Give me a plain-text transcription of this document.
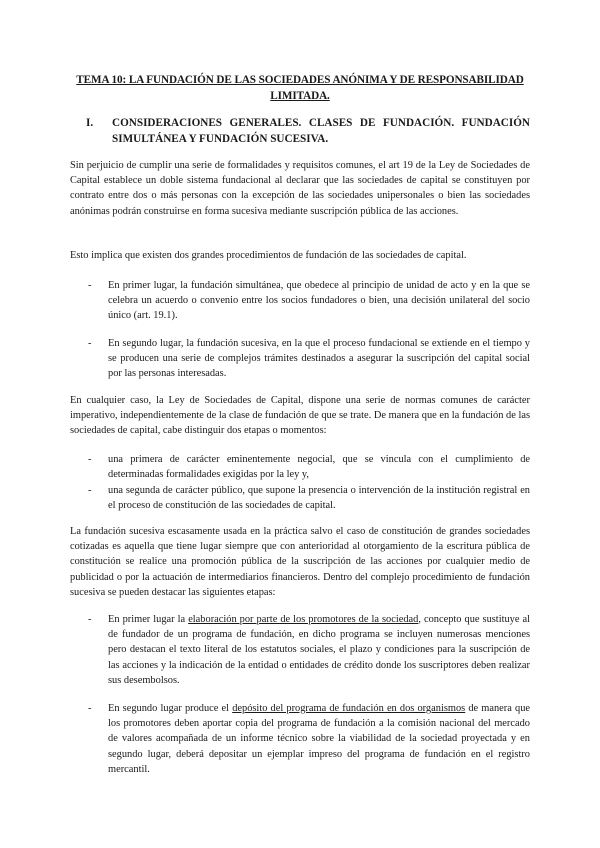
TEMA 10: LA FUNDACIÓN DE LAS SOCIEDADES ANÓNIMA Y DE RESPONSABILIDAD LIMITADA.
I. CONSIDERACIONES GENERALES. CLASES DE FUNDACIÓN. FUNDACIÓN SIMULTÁNEA Y FUNDACIÓN SUCESIVA.
Sin perjuicio de cumplir una serie de formalidades y requisitos comunes, el art 19 de la Ley de Sociedades de Capital establece un doble sistema fundacional al declarar que las sociedades de capital se constituyen por contrato entre dos o más personas con la excepción de las sociedades unipersonales o bien las sociedades anónimas podrán construirse en forma sucesiva mediante suscripción pública de las acciones.
Esto implica que existen dos grandes procedimientos de fundación de las sociedades de capital.
- En primer lugar, la fundación simultánea, que obedece al principio de unidad de acto y en la que se celebra un acuerdo o convenio entre los socios fundadores o bien, una decisión unilateral del socio único (art. 19.1).
- En segundo lugar, la fundación sucesiva, en la que el proceso fundacional se extiende en el tiempo y se producen una serie de complejos trámites destinados a asegurar la suscripción del capital social por las personas interesadas.
En cualquier caso, la Ley de Sociedades de Capital, dispone una serie de normas comunes de carácter imperativo, independientemente de la clase de fundación de que se trate. De manera que en la fundación de las sociedades de capital, cabe distinguir dos etapas o momentos:
- una primera de carácter eminentemente negocial, que se vincula con el cumplimiento de determinadas formalidades exigidas por la ley y,
- una segunda de carácter público, que supone la presencia o intervención de la institución registral en el proceso de constitución de las sociedades de capital.
La fundación sucesiva escasamente usada en la práctica salvo el caso de constitución de grandes sociedades cotizadas es aquella que tiene lugar siempre que con anterioridad al otorgamiento de la escritura pública de constitución se realice una promoción pública de la suscripción de las acciones por cualquier medio de publicidad o por la actuación de intermediarios financieros. Dentro del complejo procedimiento de fundación sucesiva se pueden destacar las siguientes etapas:
- En primer lugar la elaboración por parte de los promotores de la sociedad, concepto que sustituye al de fundador de un programa de fundación, en dicho programa se incluyen numerosas menciones pero destacan el texto literal de los estatutos sociales, el plazo y condiciones para la suscripción de las acciones y la indicación de la entidad o entidades de crédito donde los suscriptores deben realizar sus desembolsos.
- En segundo lugar produce el depósito del programa de fundación en dos organismos de manera que los promotores deben aportar copia del programa de fundación a la comisión nacional del mercado de valores acompañada de un informe técnico sobre la viabilidad de la sociedad proyectada y en segundo lugar, deberá depositar un ejemplar impreso del programa de fundación en el registro mercantil.
